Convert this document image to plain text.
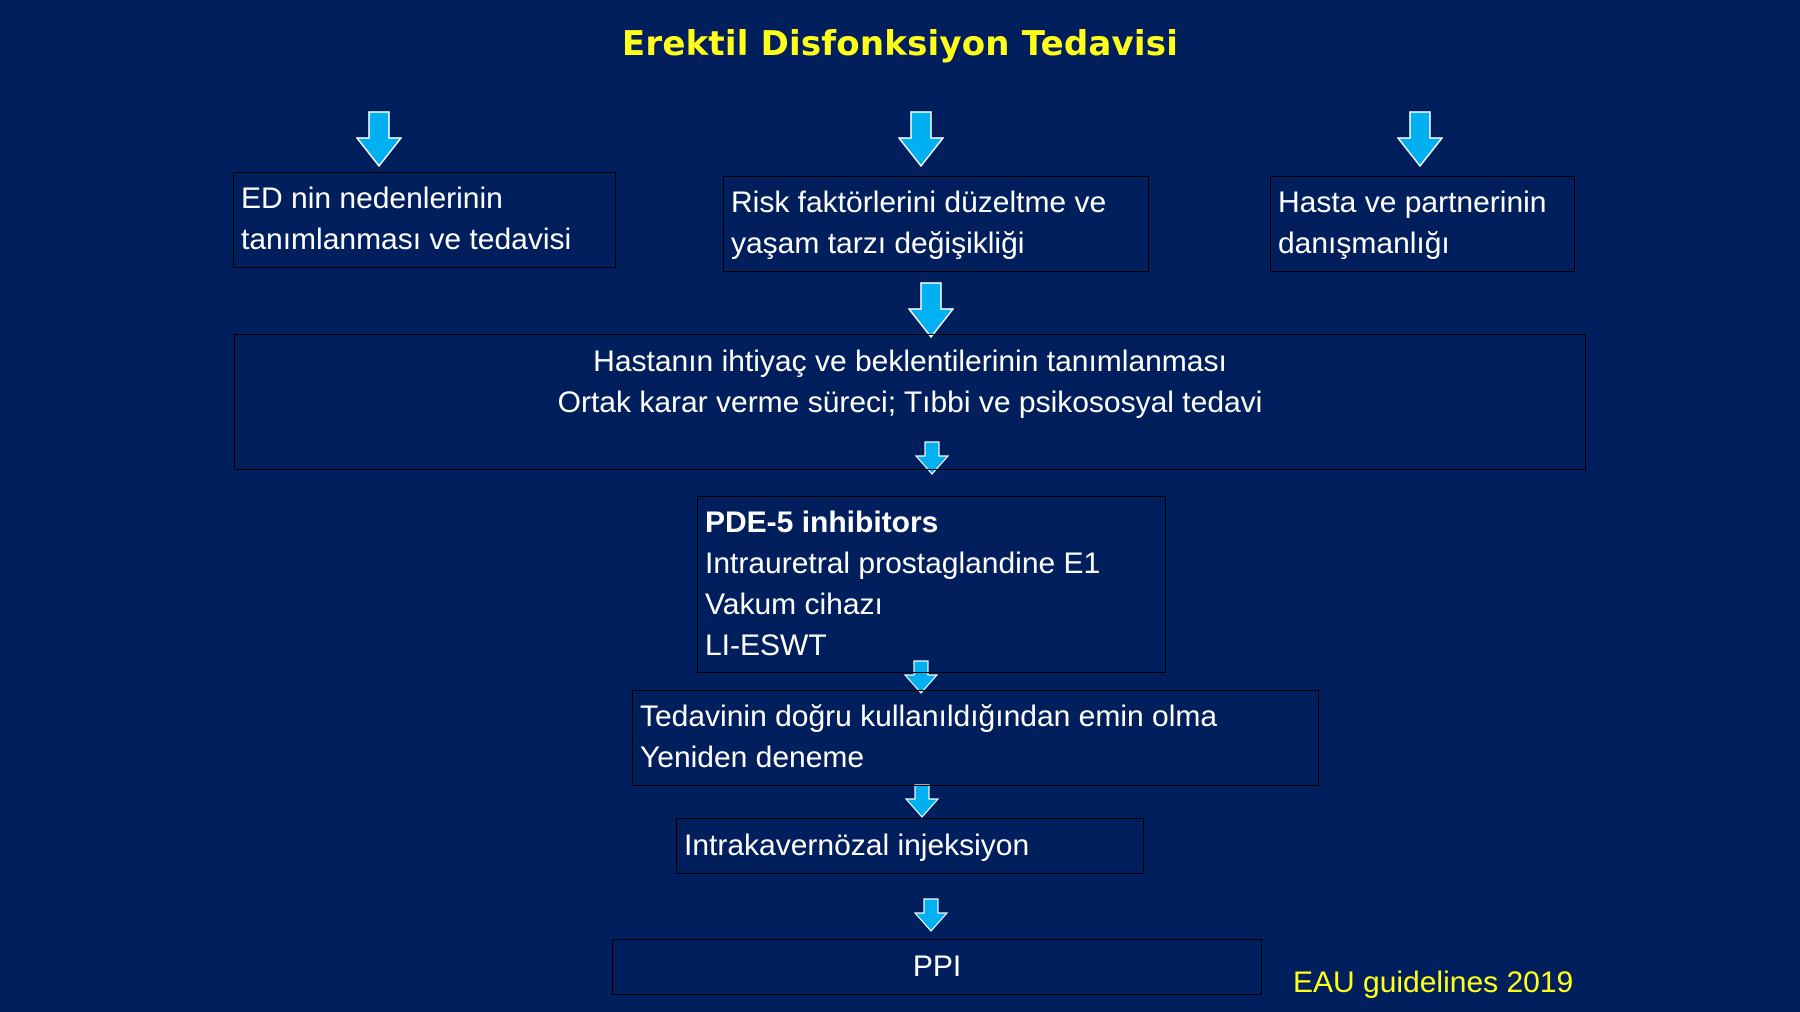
Erektil Disfonksiyon Tedavisi
ED nin nedenlerinin
tanımlanması ve tedavisi
Risk faktörlerini düzeltme ve
yaşam tarzı değişikliği
Hasta ve partnerinin
danışmanlığı
Hastanın ihtiyaç ve beklentilerinin tanımlanması
Ortak karar verme süreci; Tıbbi ve psikososyal tedavi
PDE-5 inhibitors
Intrauretral prostaglandine E1
Vakum cihazı
LI-ESWT
Tedavinin doğru kullanıldığından emin olma
Yeniden deneme
Intrakavernözal injeksiyon
PPI	EAU guidelines 2019
